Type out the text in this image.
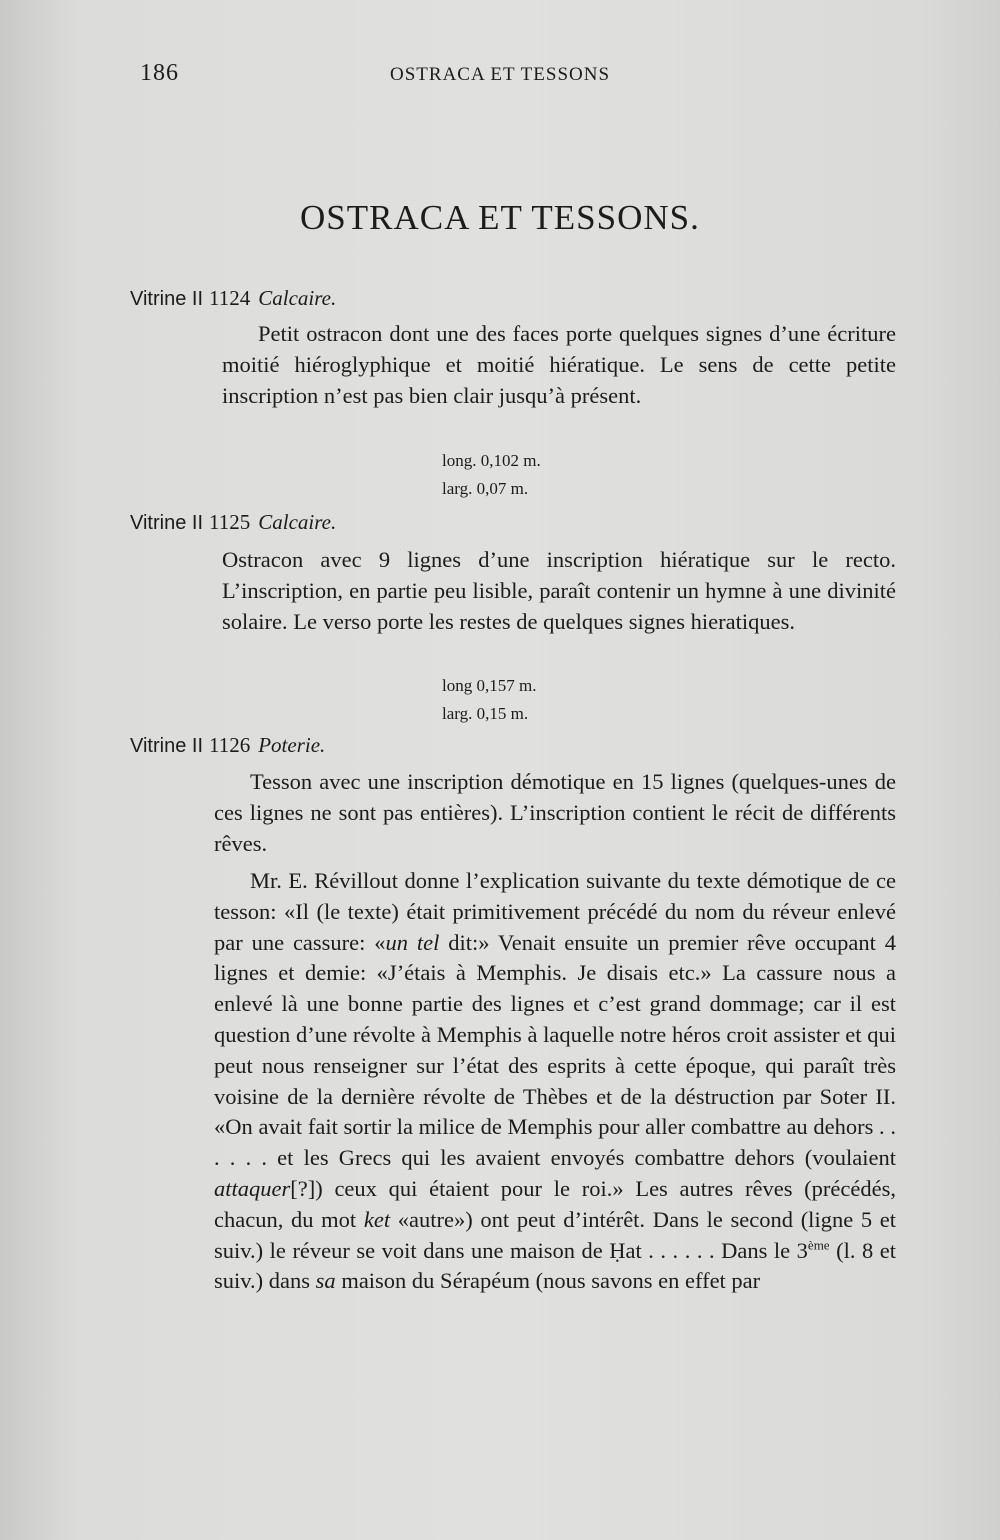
186	OSTRACA ET TESSONS
OSTRACA ET TESSONS.
Vitrine II 1124 Calcaire.
Petit ostracon dont une des faces porte quelques signes d’une écriture moitié hiéroglyphique et moitié hiératique. Le sens de cette petite inscription n’est pas bien clair jusqu’à présent.
long. 0,102 m.
larg. 0,07 m.
Vitrine II 1125 Calcaire.
Ostracon avec 9 lignes d’une inscription hiératique sur le recto. L’inscription, en partie peu lisible, paraît contenir un hymne à une divinité solaire. Le verso porte les restes de quelques signes hieratiques.
long 0,157 m.
larg. 0,15 m.
Vitrine II 1126 Poterie.
Tesson avec une inscription démotique en 15 lignes (quelques-unes de ces lignes ne sont pas entières). L’inscription contient le récit de différents rêves.
Mr. E. Révillout donne l’explication suivante du texte démotique de ce tesson: «Il (le texte) était primitivement précédé du nom du réveur enlevé par une cassure: «un tel dit:» Venait ensuite un premier rêve occupant 4 lignes et demie: «J’étais à Memphis. Je disais etc.» La cassure nous a enlevé là une bonne partie des lignes et c’est grand dommage; car il est question d’une révolte à Memphis à laquelle notre héros croit assister et qui peut nous renseigner sur l’état des esprits à cette époque, qui paraît très voisine de la dernière révolte de Thèbes et de la déstruction par Soter II. «On avait fait sortir la milice de Memphis pour aller combattre au dehors . . . . . . et les Grecs qui les avaient envoyés combattre dehors (voulaient attaquer[?]) ceux qui étaient pour le roi.» Les autres rêves (précédés, chacun, du mot ket «autre») ont peut d’intérêt. Dans le second (ligne 5 et suiv.) le réveur se voit dans une maison de Ḥat . . . . . . Dans le 3ème (l. 8 et suiv.) dans sa maison du Sérapéum (nous savons en effet par
